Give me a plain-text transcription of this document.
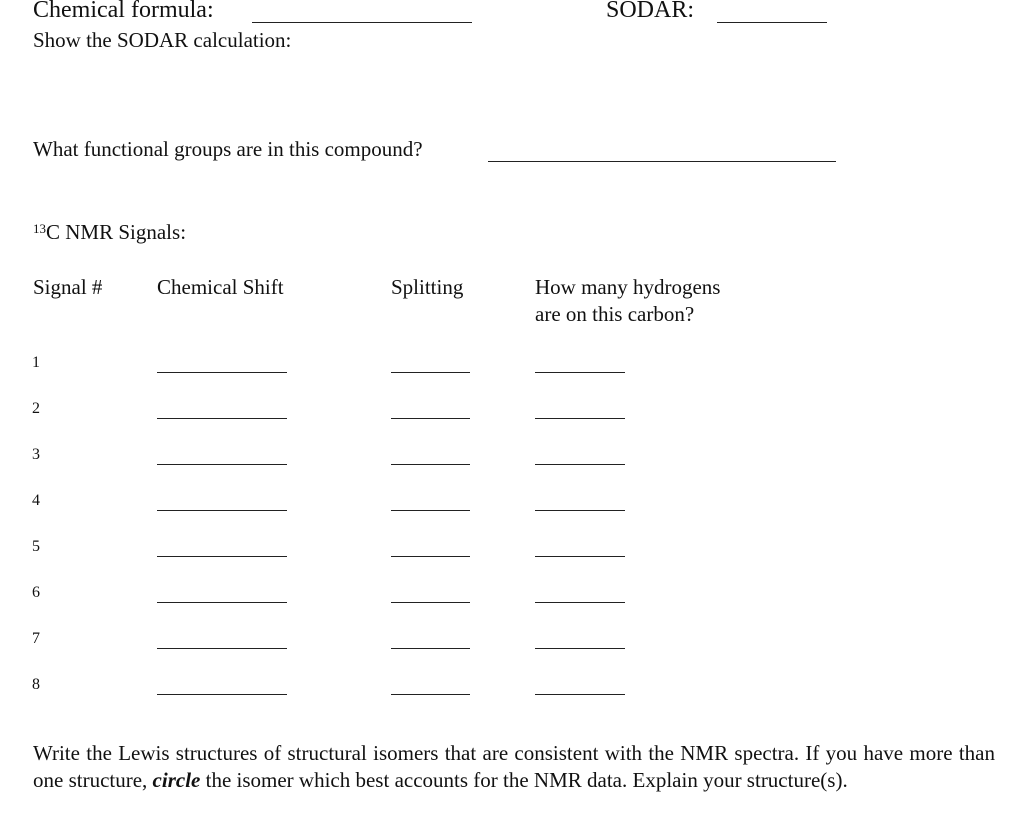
Chemical formula:	SODAR:
Show the SODAR calculation:
What functional groups are in this compound?
$^{13}$C NMR Signals:
Signal #	Chemical Shift	Splitting	How many hydrogens
are on this carbon?
1
2
3
4
5
6
7
8
Write the Lewis structures of structural isomers that are consistent with the NMR spectra. If you have more than one structure, circle the isomer which best accounts for the NMR data. Explain your structure(s).
